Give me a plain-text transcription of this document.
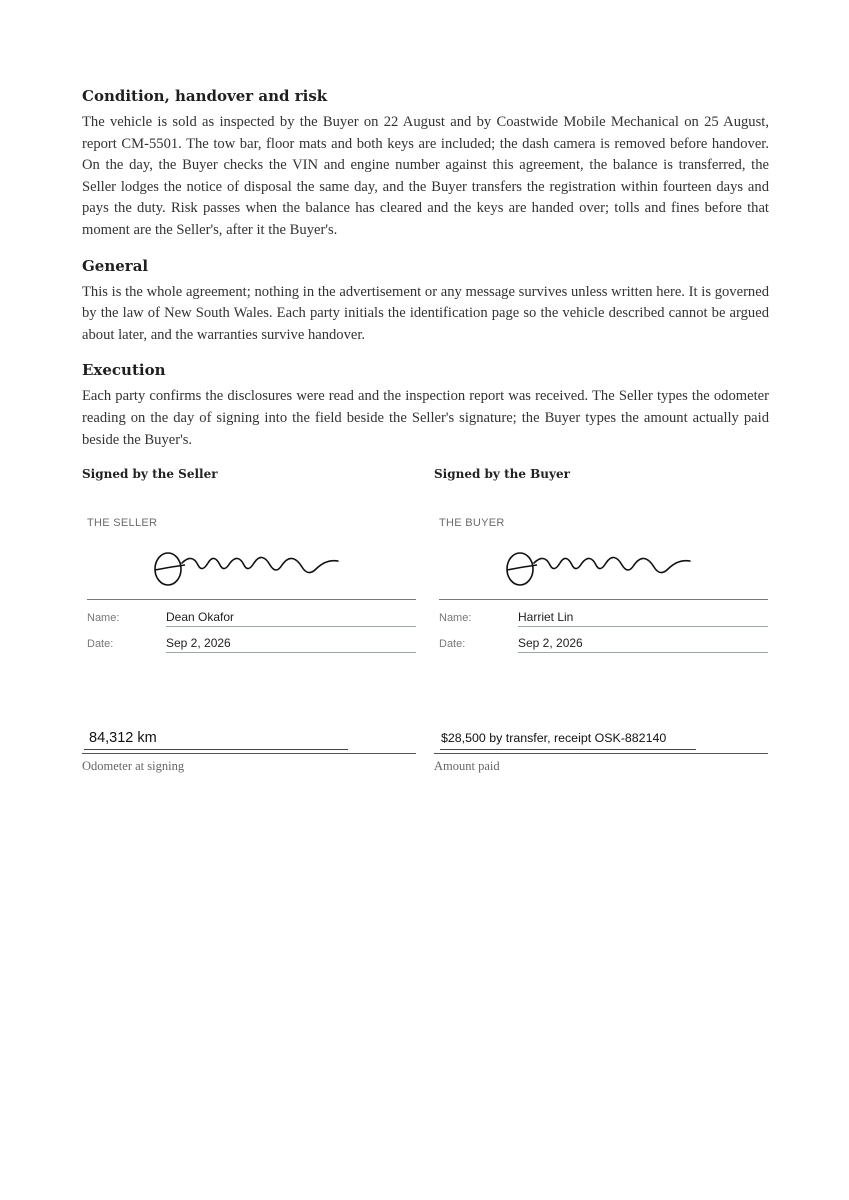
Condition, handover and risk

The vehicle is sold as inspected by the Buyer on 22 August and by Coastwide Mobile Mechanical on 25 August, report CM-5501. The tow bar, floor mats and both keys are included; the dash camera is removed before handover. On the day, the Buyer checks the VIN and engine number against this agreement, the balance is transferred, the Seller lodges the notice of disposal the same day, and the Buyer transfers the registration within fourteen days and pays the duty. Risk passes when the balance has cleared and the keys are handed over; tolls and fines before that moment are the Seller's, after it the Buyer's.

General

This is the whole agreement; nothing in the advertisement or any message survives unless written here. It is governed by the law of New South Wales. Each party initials the identification page so the vehicle described cannot be argued about later, and the warranties survive handover.

Execution

Each party confirms the disclosures were read and the inspection report was received. The Seller types the odometer reading on the day of signing into the field beside the Seller's signature; the Buyer types the amount actually paid beside the Buyer's.

Signed by the Seller
THE SELLER
Name:	Dean Okafor
Date:	Sep 2, 2026
84,312 km
Odometer at signing
Signed by the Buyer
THE BUYER
Name:	Harriet Lin
Date:	Sep 2, 2026
$28,500 by transfer, receipt OSK-882140
Amount paid
